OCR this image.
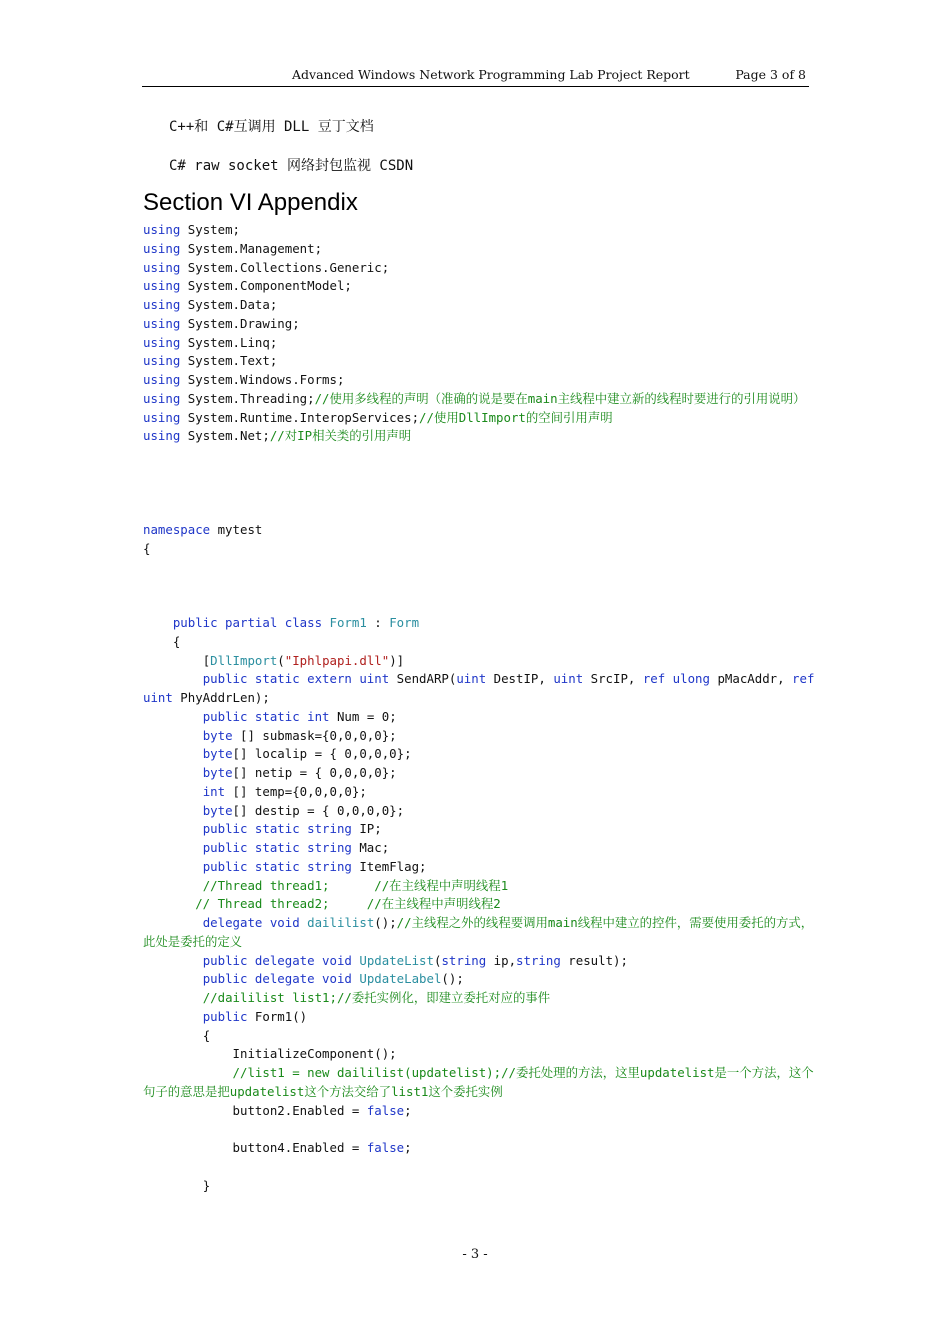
Advanced Windows Network Programming Lab Project Report	Page 3 of 8
C++和 C#互调用 DLL 豆丁文档
C# raw socket 网络封包监视 CSDN
Section VI Appendix
using System;
using System.Management;
using System.Collections.Generic;
using System.ComponentModel;
using System.Data;
using System.Drawing;
using System.Linq;
using System.Text;
using System.Windows.Forms;
using System.Threading;//使用多线程的声明（准确的说是要在main主线程中建立新的线程时要进行的引用说明）
using System.Runtime.InteropServices;//使用DllImport的空间引用声明
using System.Net;//对IP相关类的引用声明
namespace mytest
{
public partial class Form1 : Form
{
[DllImport("Iphlpapi.dll")]
public static extern uint SendARP(uint DestIP, uint SrcIP, ref ulong pMacAddr, ref uint PhyAddrLen);
public static int Num = 0;
byte [] submask={0,0,0,0};
byte[] localip = { 0,0,0,0};
byte[] netip = { 0,0,0,0};
int [] temp={0,0,0,0};
byte[] destip = { 0,0,0,0};
public static string IP;
public static string Mac;
public static string ItemFlag;
//Thread thread1;      //在主线程中声明线程1
// Thread thread2;     //在主线程中声明线程2
delegate void daililist();//主线程之外的线程要调用main线程中建立的控件，需要使用委托的方式，此处是委托的定义
public delegate void UpdateList(string ip,string result);
public delegate void UpdateLabel();
//daililist list1;//委托实例化，即建立委托对应的事件
public Form1()
{
InitializeComponent();
//list1 = new daililist(updatelist);//委托处理的方法，这里updatelist是一个方法，这个句子的意思是把updatelist这个方法交给了list1这个委托实例
button2.Enabled = false;
button4.Enabled = false;
}
- 3 -
